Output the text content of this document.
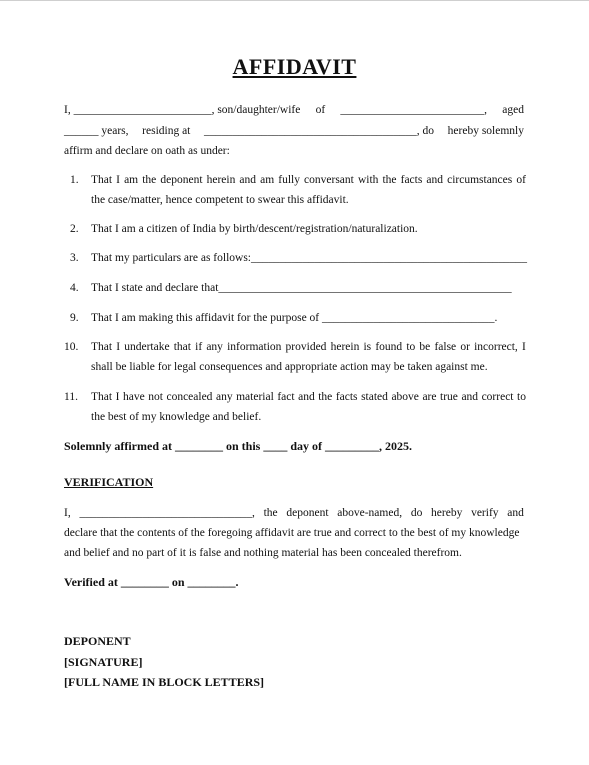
AFFIDAVIT
I, ________________________, son/daughter/wife of _________________________, aged
______ years, residing at _____________________________________, do hereby solemnly
affirm and declare on oath as under:
1. That I am the deponent herein and am fully conversant with the facts and circumstances of
the case/matter, hence competent to swear this affidavit.
2. That I am a citizen of India by birth/descent/registration/naturalization.
3. That my particulars are as follows:________________________________________________
4. That I state and declare that___________________________________________________
9. That I am making this affidavit for the purpose of ______________________________.
10. That I undertake that if any information provided herein is found to be false or incorrect, I
shall be liable for legal consequences and appropriate action may be taken against me.
11. That I have not concealed any material fact and the facts stated above are true and correct to
the best of my knowledge and belief.
Solemnly affirmed at ________ on this ____ day of _________, 2025.
VERIFICATION
I, ______________________________, the deponent above-named, do hereby verify and
declare that the contents of the foregoing affidavit are true and correct to the best of my knowledge
and belief and no part of it is false and nothing material has been concealed therefrom.
Verified at ________ on ________.
DEPONENT
[SIGNATURE]
[FULL NAME IN BLOCK LETTERS]
